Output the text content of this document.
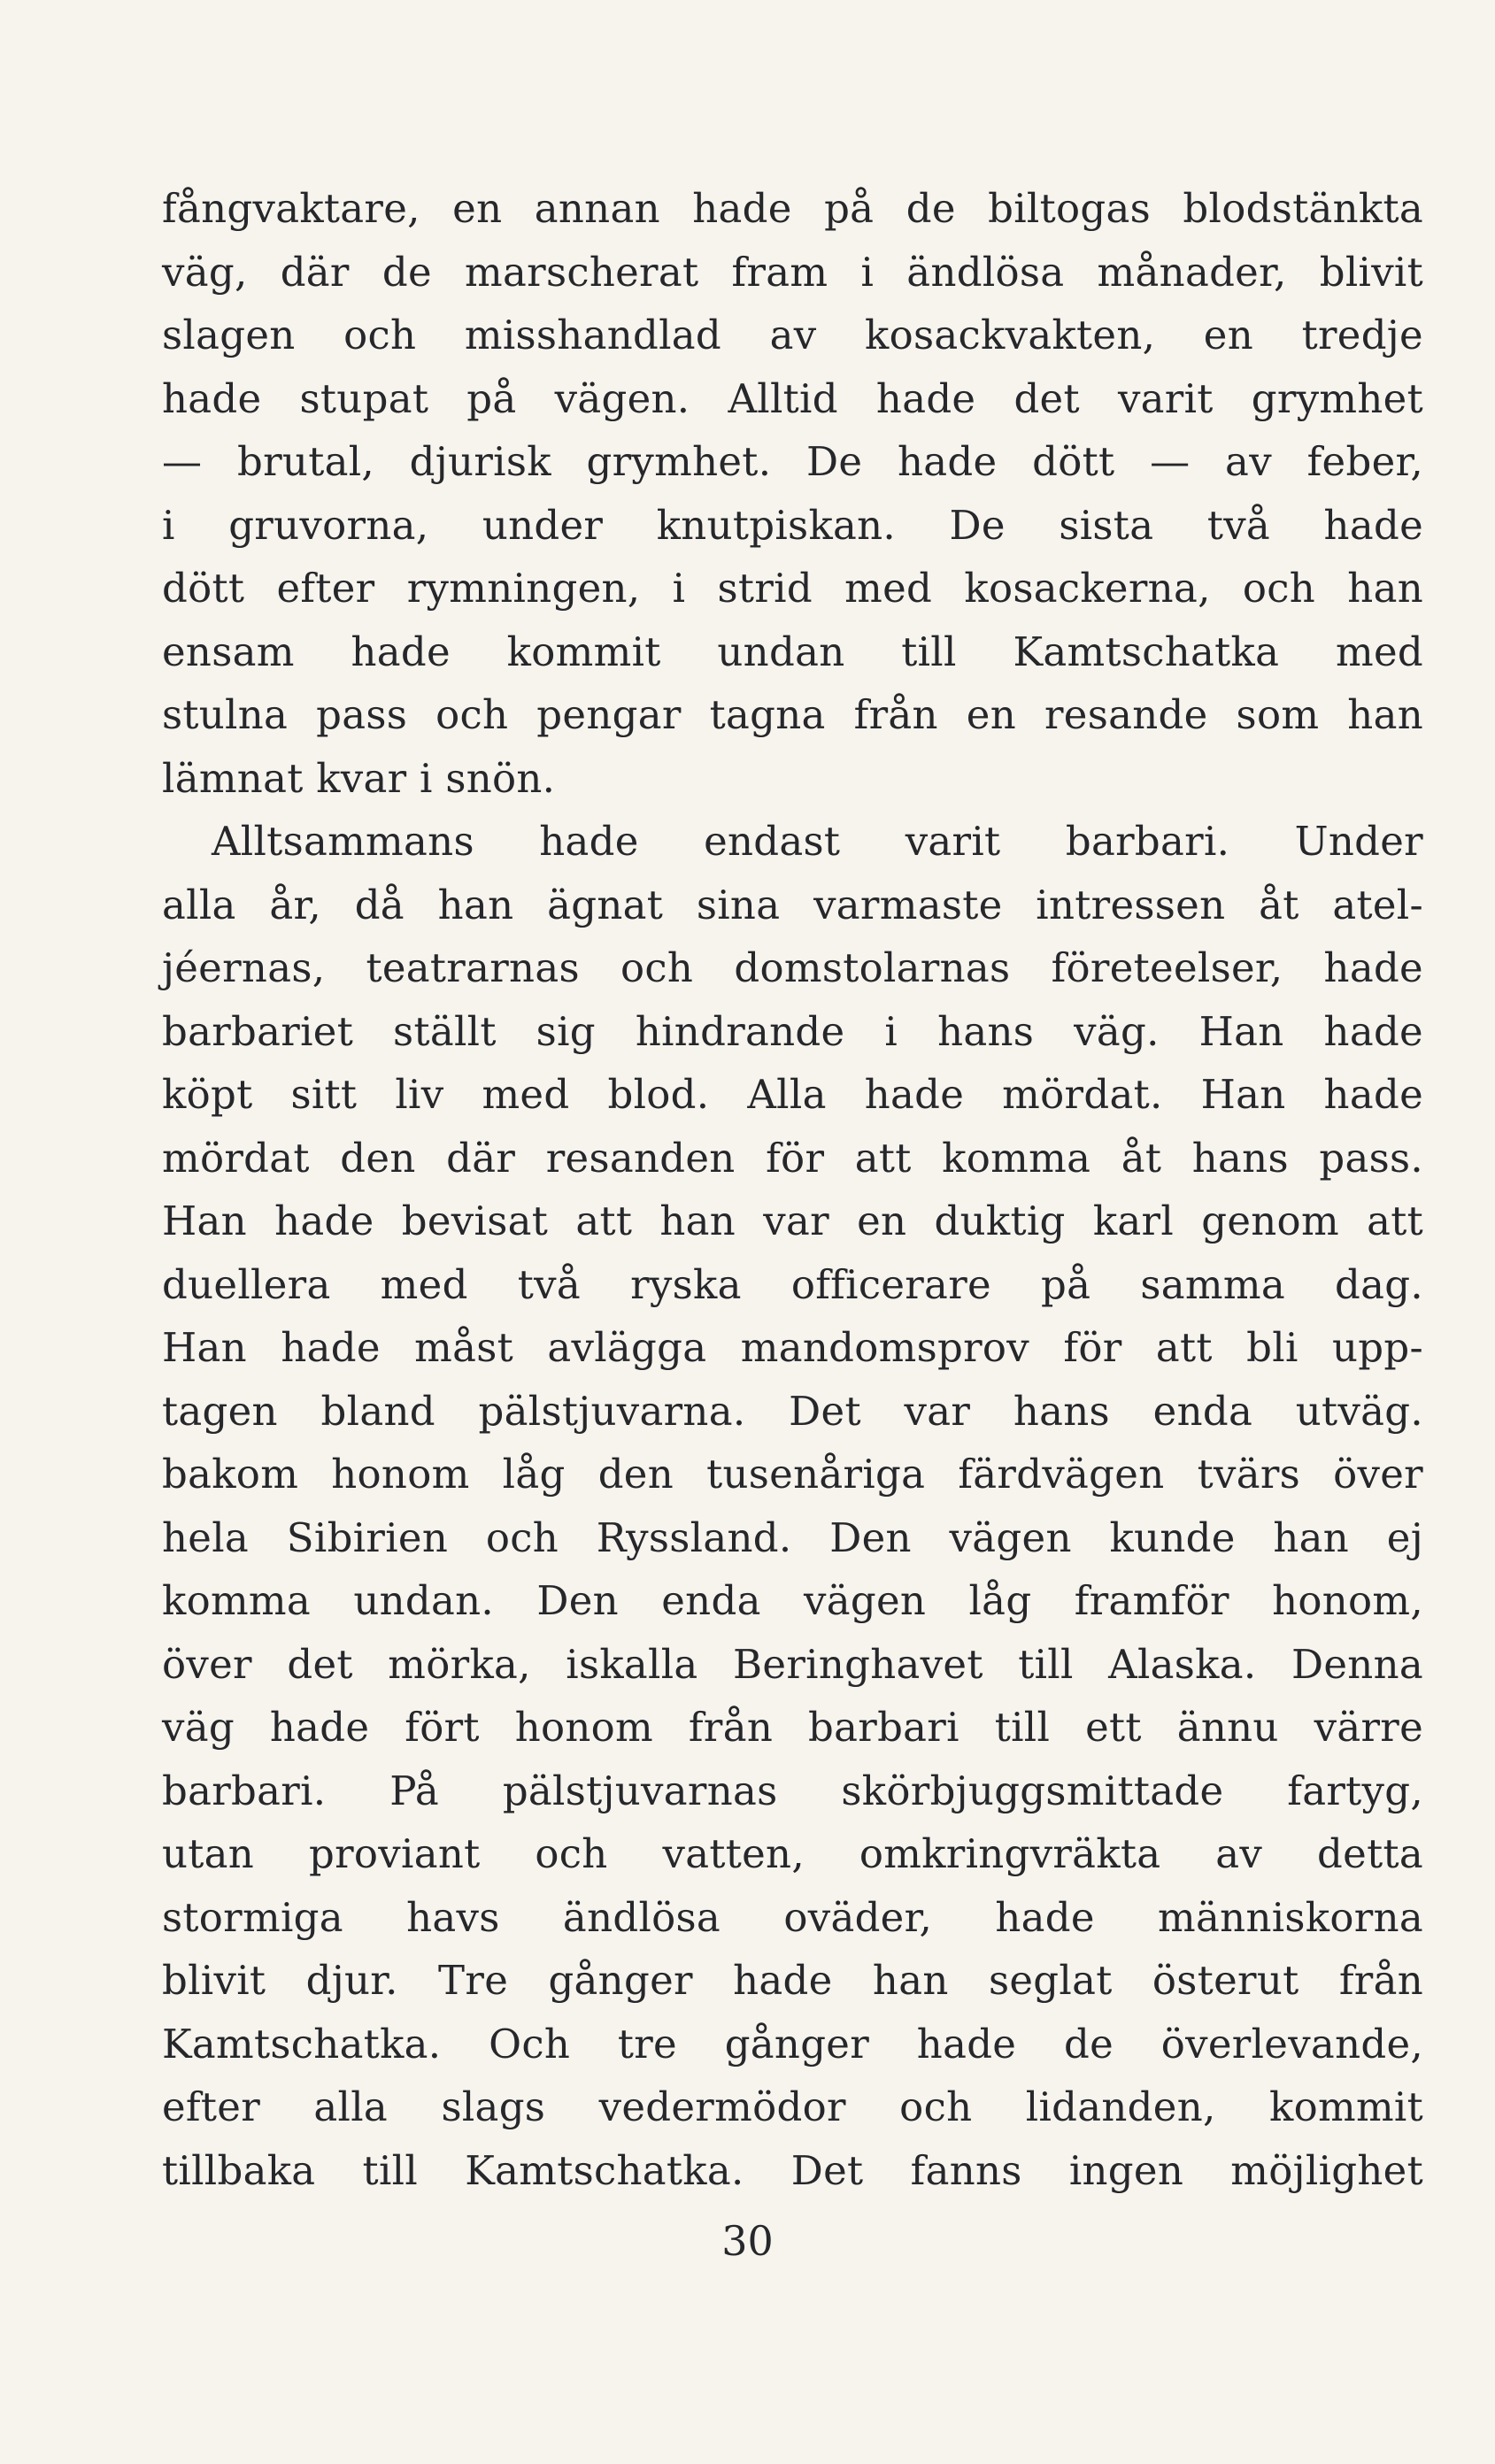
fångvaktare, en annan hade på de biltogas blodstänkta
väg, där de marscherat fram i ändlösa månader, blivit
slagen och misshandlad av kosackvakten, en tredje
hade stupat på vägen. Alltid hade det varit grymhet
— brutal, djurisk grymhet. De hade dött — av feber,
i gruvorna, under knutpiskan. De sista två hade
dött efter rymningen, i strid med kosackerna, och han
ensam hade kommit undan till Kamtschatka med
stulna pass och pengar tagna från en resande som han
lämnat kvar i snön.
Alltsammans hade endast varit barbari. Under
alla år, då han ägnat sina varmaste intressen åt atel-
jéernas, teatrarnas och domstolarnas företeelser, hade
barbariet ställt sig hindrande i hans väg. Han hade
köpt sitt liv med blod. Alla hade mördat. Han hade
mördat den där resanden för att komma åt hans pass.
Han hade bevisat att han var en duktig karl genom att
duellera med två ryska officerare på samma dag.
Han hade måst avlägga mandomsprov för att bli upp-
tagen bland pälstjuvarna. Det var hans enda utväg.
bakom honom låg den tusenåriga färdvägen tvärs över
hela Sibirien och Ryssland. Den vägen kunde han ej
komma undan. Den enda vägen låg framför honom,
över det mörka, iskalla Beringhavet till Alaska. Denna
väg hade fört honom från barbari till ett ännu värre
barbari. På pälstjuvarnas skörbjuggsmittade fartyg,
utan proviant och vatten, omkringvräkta av detta
stormiga havs ändlösa oväder, hade människorna
blivit djur. Tre gånger hade han seglat österut från
Kamtschatka. Och tre gånger hade de överlevande,
efter alla slags vedermödor och lidanden, kommit
tillbaka till Kamtschatka. Det fanns ingen möjlighet
30
